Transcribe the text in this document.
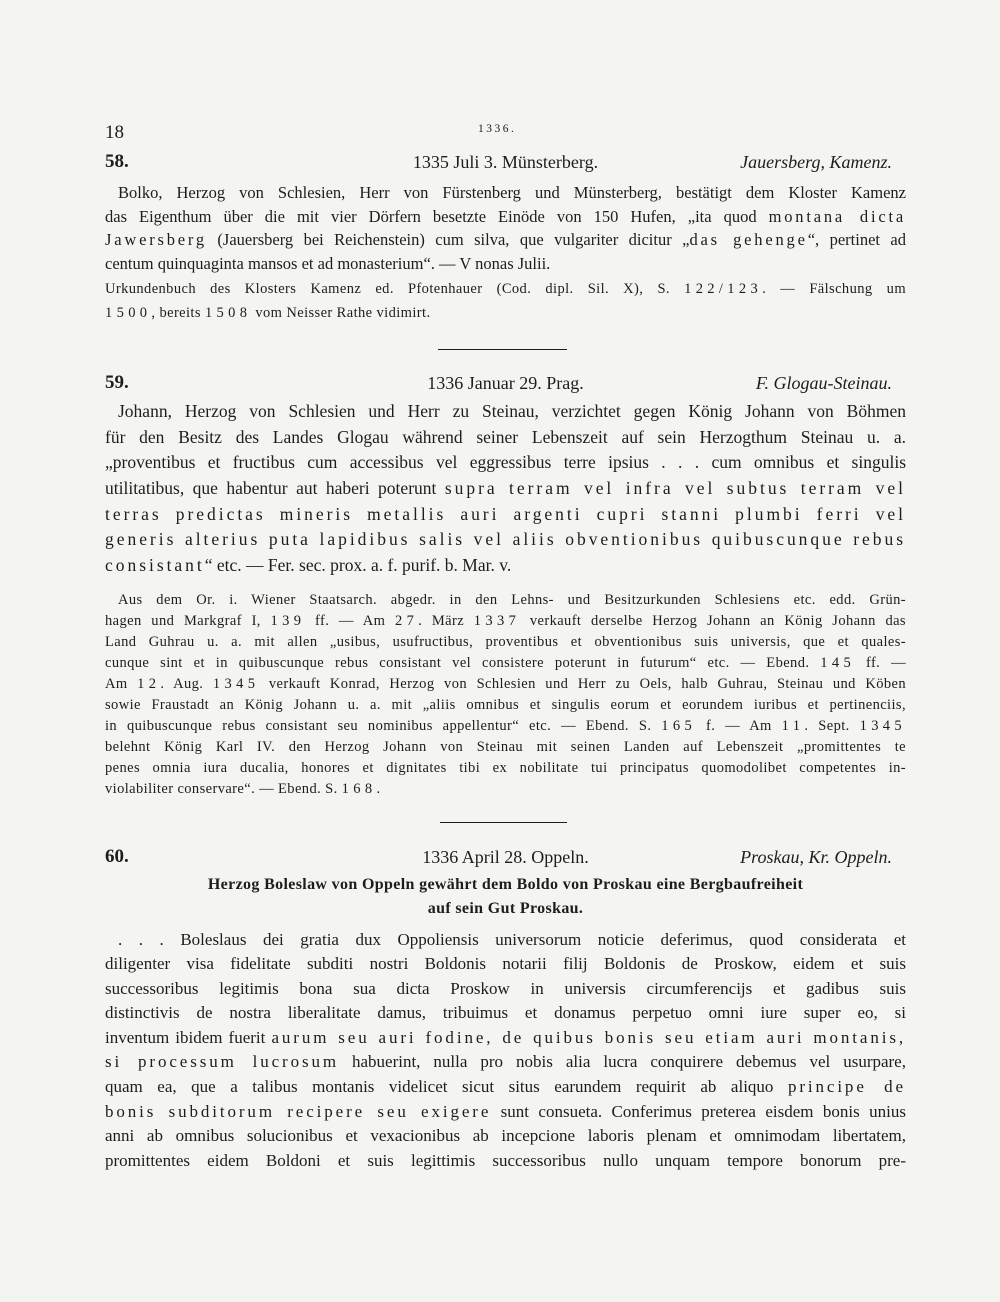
18	1336.
58.	1335 Juli 3. Münsterberg.	Jauersberg, Kamenz.
Bolko, Herzog von Schlesien, Herr von Fürstenberg und Münsterberg, bestätigt dem Kloster Kamenz
das Eigenthum über die mit vier Dörfern besetzte Einöde von 150 Hufen, „ita quod montana dicta
Jawersberg (Jauersberg bei Reichenstein) cum silva, que vulgariter dicitur „das gehenge“, pertinet ad
centum quinquaginta mansos et ad monasterium“. — V nonas Julii.
Urkundenbuch des Klosters Kamenz ed. Pfotenhauer (Cod. dipl. Sil. X), S. 122/123. — Fälschung um
1500, bereits 1508 vom Neisser Rathe vidimirt.
59.	1336 Januar 29. Prag.	F. Glogau-Steinau.
Johann, Herzog von Schlesien und Herr zu Steinau, verzichtet gegen König Johann von Böhmen
für den Besitz des Landes Glogau während seiner Lebenszeit auf sein Herzogthum Steinau u. a.
„proventibus et fructibus cum accessibus vel eggressibus terre ipsius . . . cum omnibus et singulis
utilitatibus, que habentur aut haberi poterunt supra terram vel infra vel subtus terram vel
terras predictas mineris metallis auri argenti cupri stanni plumbi ferri vel
generis alterius puta lapidibus salis vel aliis obventionibus quibuscunque rebus
consistant“ etc. — Fer. sec. prox. a. f. purif. b. Mar. v.
Aus dem Or. i. Wiener Staatsarch. abgedr. in den Lehns- und Besitzurkunden Schlesiens etc. edd. Grün-
hagen und Markgraf I, 139 ff. — Am 27. März 1337 verkauft derselbe Herzog Johann an König Johann das
Land Guhrau u. a. mit allen „usibus, usufructibus, proventibus et obventionibus suis universis, que et quales-
cunque sint et in quibuscunque rebus consistant vel consistere poterunt in futurum“ etc. — Ebend. 145 ff. —
Am 12. Aug. 1345 verkauft Konrad, Herzog von Schlesien und Herr zu Oels, halb Guhrau, Steinau und Köben
sowie Fraustadt an König Johann u. a. mit „aliis omnibus et singulis eorum et eorundem iuribus et pertinenciis,
in quibuscunque rebus consistant seu nominibus appellentur“ etc. — Ebend. S. 165 f. — Am 11. Sept. 1345
belehnt König Karl IV. den Herzog Johann von Steinau mit seinen Landen auf Lebenszeit „promittentes te
penes omnia iura ducalia, honores et dignitates tibi ex nobilitate tui principatus quomodolibet competentes in-
violabiliter conservare“. — Ebend. S. 168.
60.	1336 April 28. Oppeln.	Proskau, Kr. Oppeln.
Herzog Boleslaw von Oppeln gewährt dem Boldo von Proskau eine Bergbaufreiheit
auf sein Gut Proskau.
. . . Boleslaus dei gratia dux Oppoliensis universorum noticie deferimus, quod considerata et
diligenter visa fidelitate subditi nostri Boldonis notarii filij Boldonis de Proskow, eidem et suis
successoribus legitimis bona sua dicta Proskow in universis circumferencijs et gadibus suis
distinctivis de nostra liberalitate damus, tribuimus et donamus perpetuo omni iure super eo, si
inventum ibidem fuerit aurum seu auri fodine, de quibus bonis seu etiam auri montanis,
si processum lucrosum habuerint, nulla pro nobis alia lucra conquirere debemus vel usurpare,
quam ea, que a talibus montanis videlicet sicut situs earundem requirit ab aliquo principe de
bonis subditorum recipere seu exigere sunt consueta. Conferimus preterea eisdem bonis unius
anni ab omnibus solucionibus et vexacionibus ab incepcione laboris plenam et omnimodam libertatem,
promittentes eidem Boldoni et suis legittimis successoribus nullo unquam tempore bonorum pre-
